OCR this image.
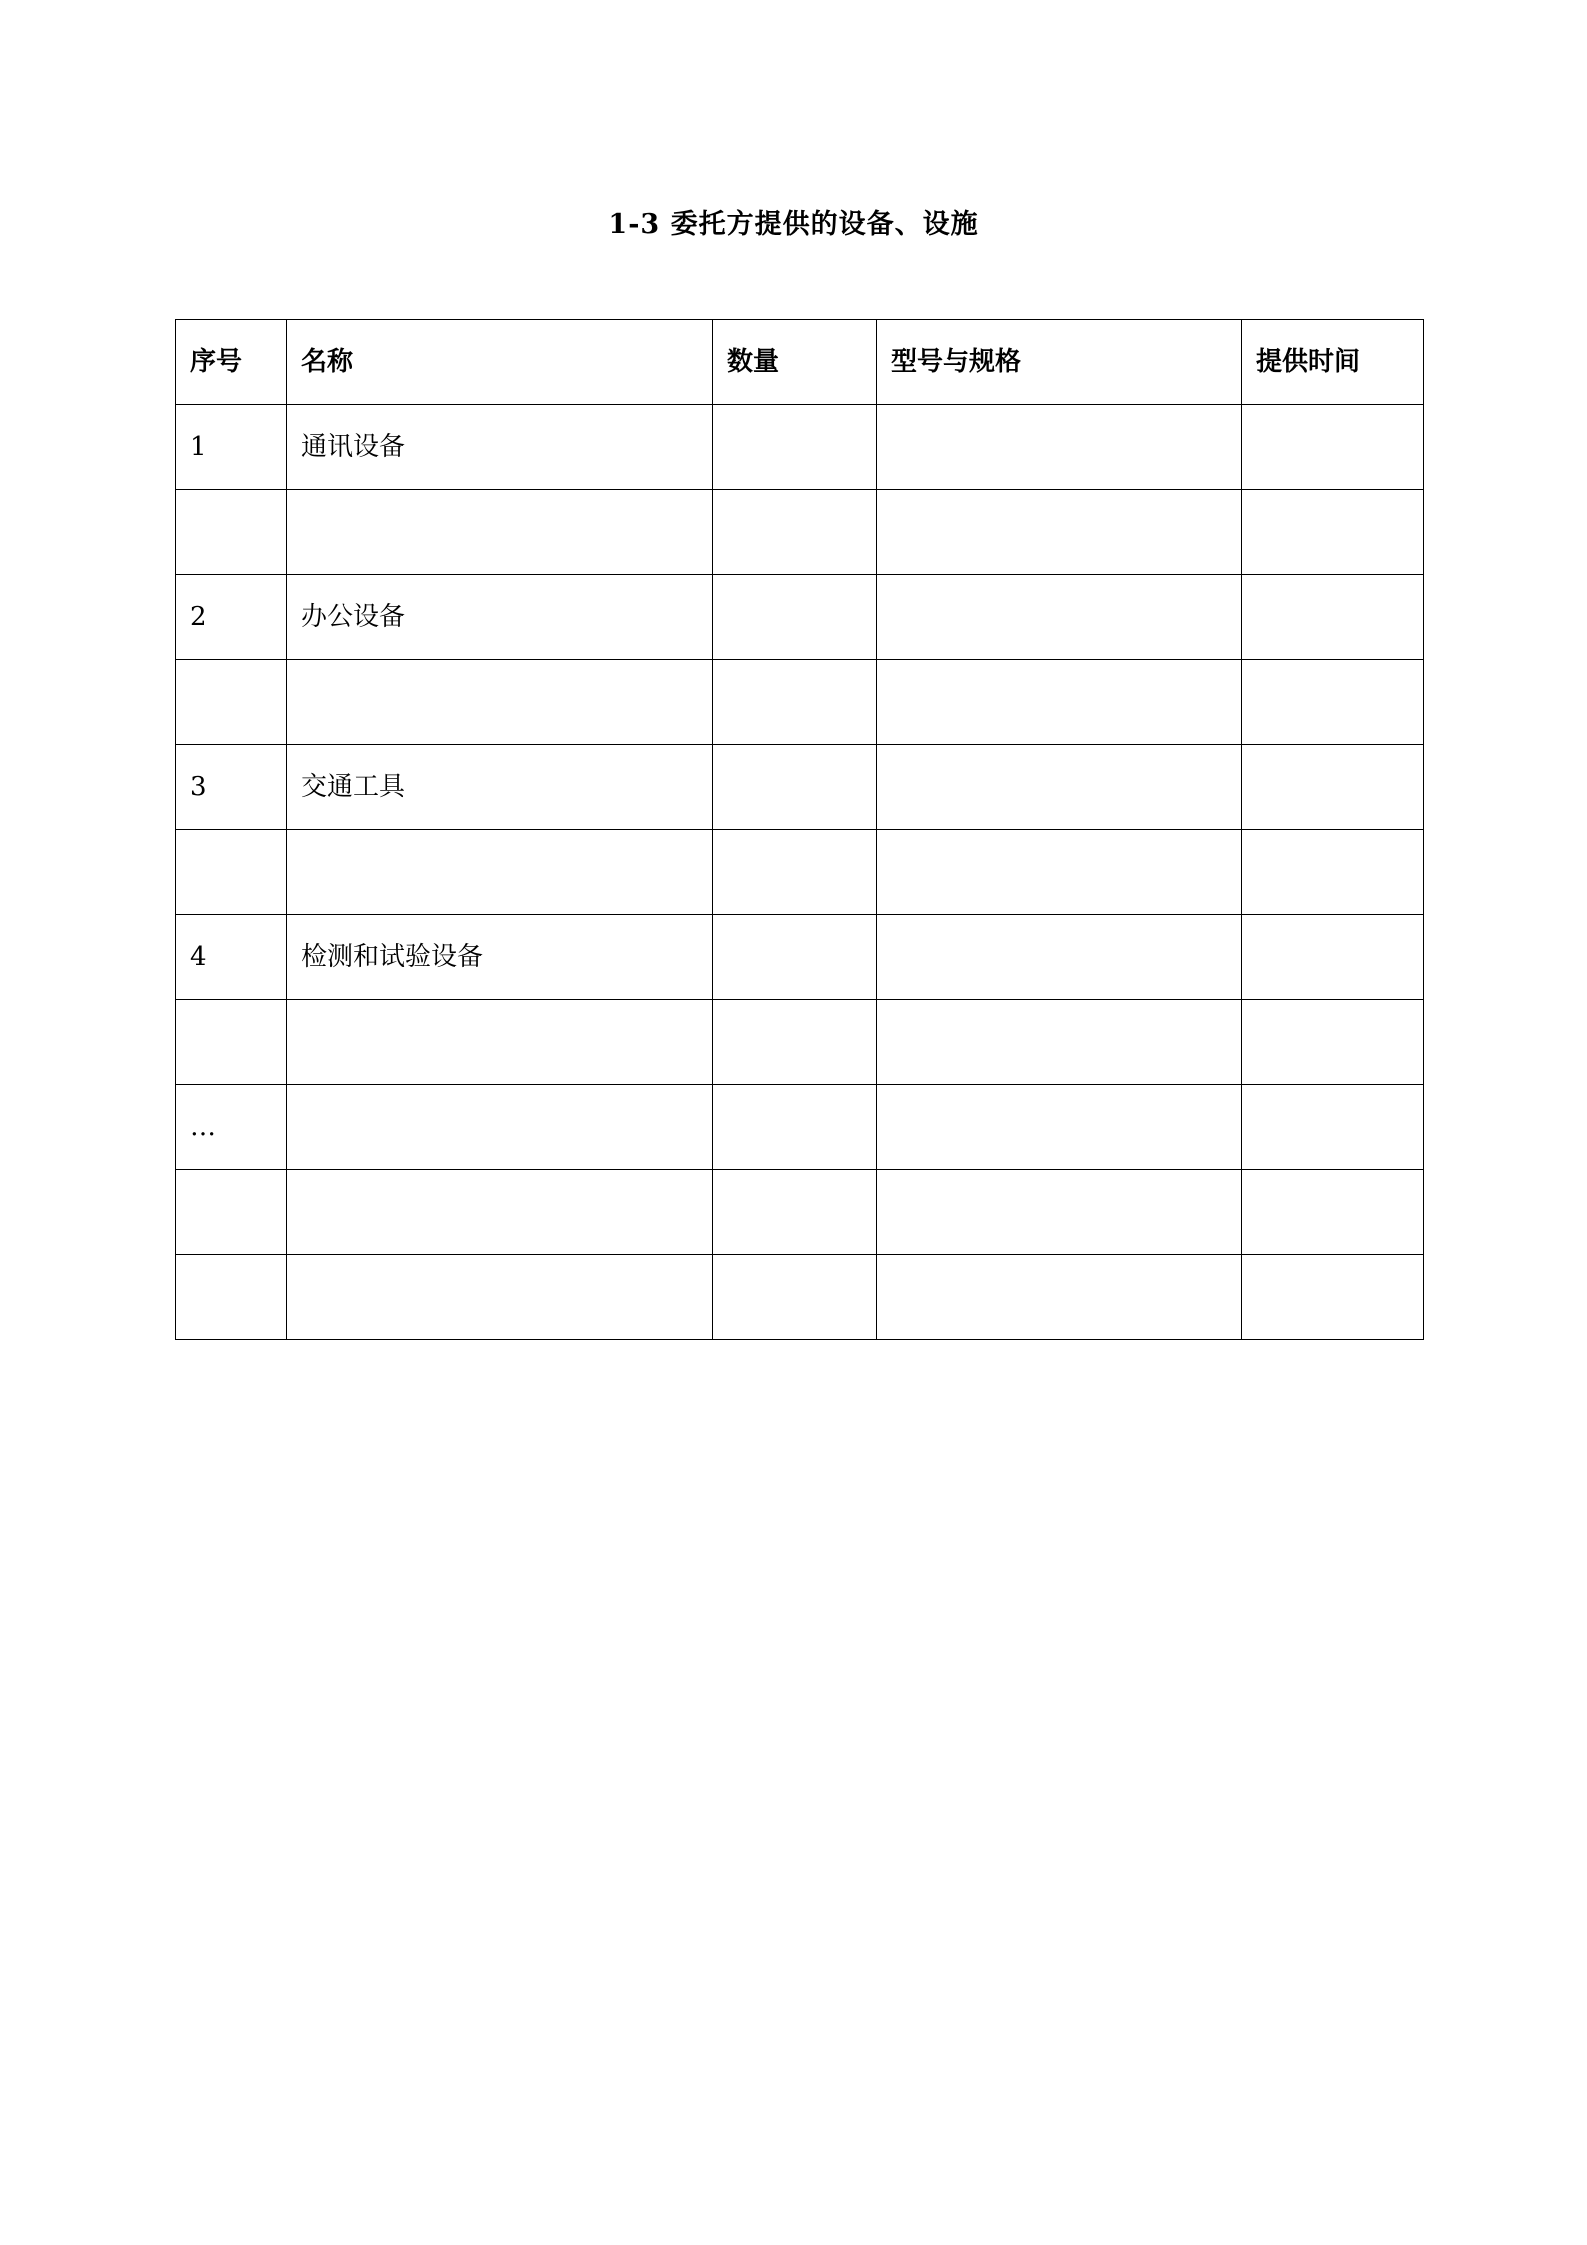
1-3 委托方提供的设备、设施
序号	名称	数量	型号与规格	提供时间
1	通讯设备			

2	办公设备			

3	交通工具			

4	检测和试验设备			

…				
